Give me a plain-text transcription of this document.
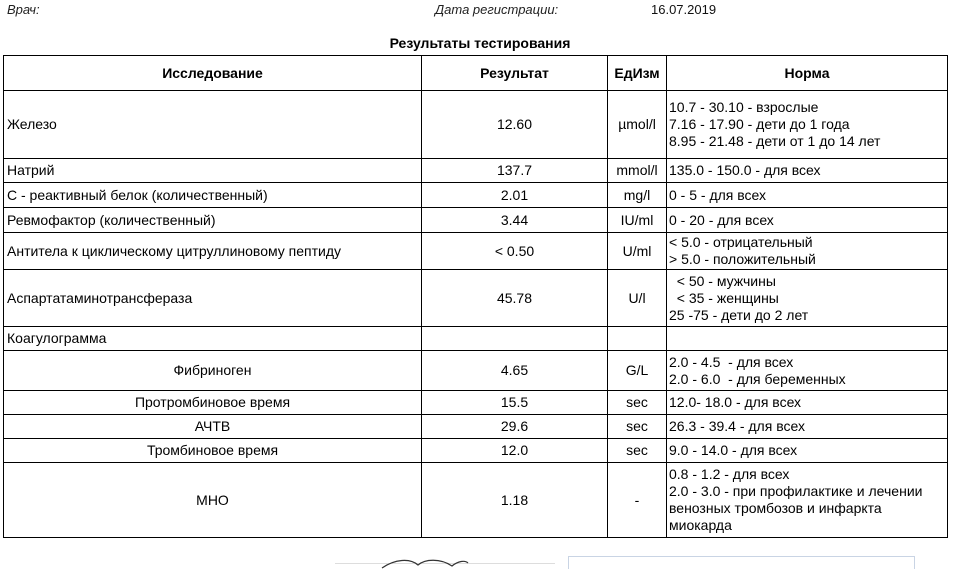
Врач:	Дата регистрации:	16.07.2019
Результаты тестирования
Исследование	Результат	ЕдИзм	Норма
Железо	12.60	µmol/l	10.7 - 30.10 - взрослые
7.16 - 17.90 - дети до 1 года
8.95 - 21.48 - дети от 1 до 14 лет

Натрий	137.7	mmol/l	135.0 - 150.0 - для всех

C - реактивный белок (количественный)	2.01	mg/l	0 - 5 - для всех

Ревмофактор (количественный)	3.44	IU/ml	0 - 20 - для всех

Антитела к циклическому цитруллиновому пептиду	< 0.50	U/ml	< 5.0 - отрицательный
> 5.0 - положительный

Аспартатаминотрансфераза	45.78	U/l	< 50 - мужчины
< 35 - женщины
25 -75 - дети до 2 лет

Коагулограмма			

Фибриноген	4.65	G/L	2.0 - 4.5  - для всех
2.0 - 6.0  - для беременных

Протромбиновое время	15.5	sec	12.0- 18.0 - для всех

АЧТВ	29.6	sec	26.3 - 39.4 - для всех

Тромбиновое время	12.0	sec	9.0 - 14.0 - для всех

МНО	1.18	-	0.8 - 1.2 - для всех
2.0 - 3.0 - при профилактике и лечении
венозных тромбозов и инфаркта
миокарда
